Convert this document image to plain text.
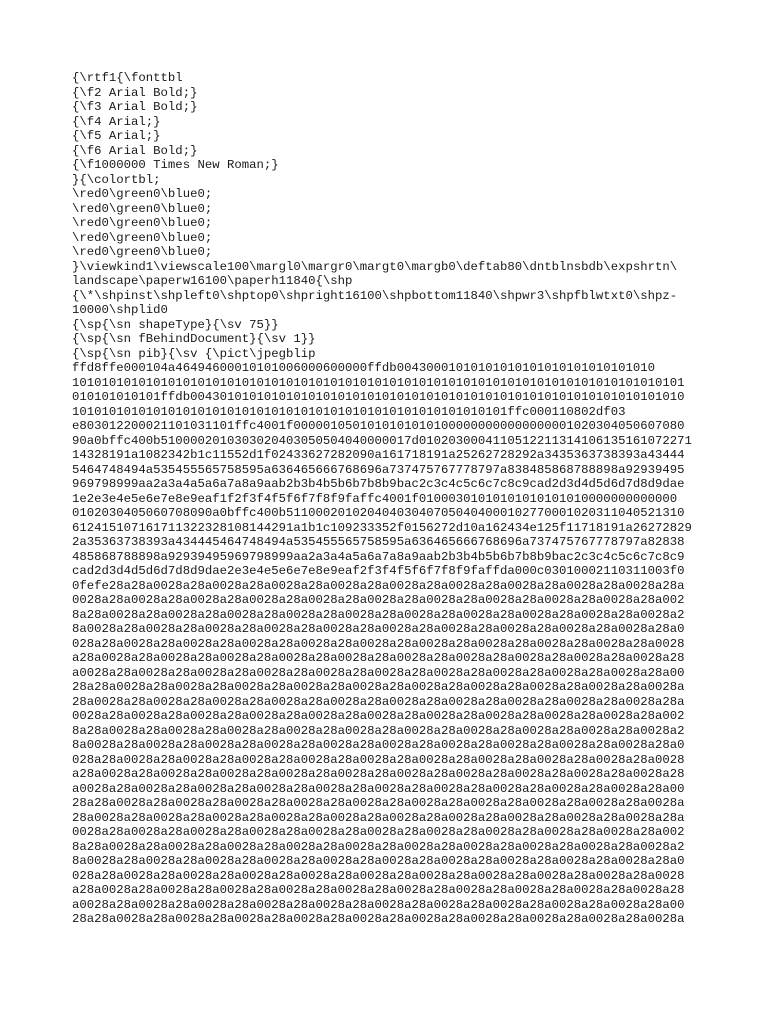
{\rtf1{\fonttbl
{\f2 Arial Bold;}
{\f3 Arial Bold;}
{\f4 Arial;}
{\f5 Arial;}
{\f6 Arial Bold;}
{\f1000000 Times New Roman;}
}{\colortbl;
\red0\green0\blue0;
\red0\green0\blue0;
\red0\green0\blue0;
\red0\green0\blue0;
\red0\green0\blue0;
}\viewkind1\viewscale100\margl0\margr0\margt0\margb0\deftab80\dntblnsbdb\expshrtn\
landscape\paperw16100\paperh11840{\shp
{\*\shpinst\shpleft0\shptop0\shpright16100\shpbottom11840\shpwr3\shpfblwtxt0\shpz-
10000\shplid0
{\sp{\sn shapeType}{\sv 75}}
{\sp{\sn fBehindDocument}{\sv 1}}
{\sp{\sn pib}{\sv {\pict\jpegblip
ffd8ffe000104a46494600010101006000600000ffdb00430001010101010101010101010101010
10101010101010101010101010101010101010101010101010101010101010101010101010101010101
010101010101ffdb0043010101010101010101010101010101010101010101010101010101010101010
10101010101010101010101010101010101010101010101010101010101ffc000110802df03
e803012200021101031101ffc4001f00000105010101010101000000000000000001020304050607080
90a0bffc400b5100002010303020403050504040000017d0102030004110512211314106135161072271
14328191a1082342b1c11552d1f02433627282090a161718191a25262728292a3435363738393a43444
5464748494a535455565758595a636465666768696a737475767778797a838485868788898a92939495
969798999aa2a3a4a5a6a7a8a9aab2b3b4b5b6b7b8b9bac2c3c4c5c6c7c8c9cad2d3d4d5d6d7d8d9dae
1e2e3e4e5e6e7e8e9eaf1f2f3f4f5f6f7f8f9faffc4001f01000301010101010101010000000000000
0102030405060708090a0bffc400b511000201020404030407050404000102770001020311040521310
612415107161711322328108144291a1b1c109233352f0156272d10a162434e125f11718191a26272829
2a35363738393a434445464748494a535455565758595a636465666768696a737475767778797a82838
485868788898a92939495969798999aa2a3a4a5a6a7a8a9aab2b3b4b5b6b7b8b9bac2c3c4c5c6c7c8c9
cad2d3d4d5d6d7d8d9dae2e3e4e5e6e7e8e9eaf2f3f4f5f6f7f8f9faffda000c03010002110311003f0
0fefe28a28a0028a28a0028a28a0028a28a0028a28a0028a28a0028a28a0028a28a0028a28a0028a28a
0028a28a0028a28a0028a28a0028a28a0028a28a0028a28a0028a28a0028a28a0028a28a0028a28a002
8a28a0028a28a0028a28a0028a28a0028a28a0028a28a0028a28a0028a28a0028a28a0028a28a0028a2
8a0028a28a0028a28a0028a28a0028a28a0028a28a0028a28a0028a28a0028a28a0028a28a0028a28a0
028a28a0028a28a0028a28a0028a28a0028a28a0028a28a0028a28a0028a28a0028a28a0028a28a0028
a28a0028a28a0028a28a0028a28a0028a28a0028a28a0028a28a0028a28a0028a28a0028a28a0028a28
a0028a28a0028a28a0028a28a0028a28a0028a28a0028a28a0028a28a0028a28a0028a28a0028a28a00
28a28a0028a28a0028a28a0028a28a0028a28a0028a28a0028a28a0028a28a0028a28a0028a28a0028a
28a0028a28a0028a28a0028a28a0028a28a0028a28a0028a28a0028a28a0028a28a0028a28a0028a28a
0028a28a0028a28a0028a28a0028a28a0028a28a0028a28a0028a28a0028a28a0028a28a0028a28a002
8a28a0028a28a0028a28a0028a28a0028a28a0028a28a0028a28a0028a28a0028a28a0028a28a0028a2
8a0028a28a0028a28a0028a28a0028a28a0028a28a0028a28a0028a28a0028a28a0028a28a0028a28a0
028a28a0028a28a0028a28a0028a28a0028a28a0028a28a0028a28a0028a28a0028a28a0028a28a0028
a28a0028a28a0028a28a0028a28a0028a28a0028a28a0028a28a0028a28a0028a28a0028a28a0028a28
a0028a28a0028a28a0028a28a0028a28a0028a28a0028a28a0028a28a0028a28a0028a28a0028a28a00
28a28a0028a28a0028a28a0028a28a0028a28a0028a28a0028a28a0028a28a0028a28a0028a28a0028a
28a0028a28a0028a28a0028a28a0028a28a0028a28a0028a28a0028a28a0028a28a0028a28a0028a28a
0028a28a0028a28a0028a28a0028a28a0028a28a0028a28a0028a28a0028a28a0028a28a0028a28a002
8a28a0028a28a0028a28a0028a28a0028a28a0028a28a0028a28a0028a28a0028a28a0028a28a0028a2
8a0028a28a0028a28a0028a28a0028a28a0028a28a0028a28a0028a28a0028a28a0028a28a0028a28a0
028a28a0028a28a0028a28a0028a28a0028a28a0028a28a0028a28a0028a28a0028a28a0028a28a0028
a28a0028a28a0028a28a0028a28a0028a28a0028a28a0028a28a0028a28a0028a28a0028a28a0028a28
a0028a28a0028a28a0028a28a0028a28a0028a28a0028a28a0028a28a0028a28a0028a28a0028a28a00
28a28a0028a28a0028a28a0028a28a0028a28a0028a28a0028a28a0028a28a0028a28a0028a28a0028a
